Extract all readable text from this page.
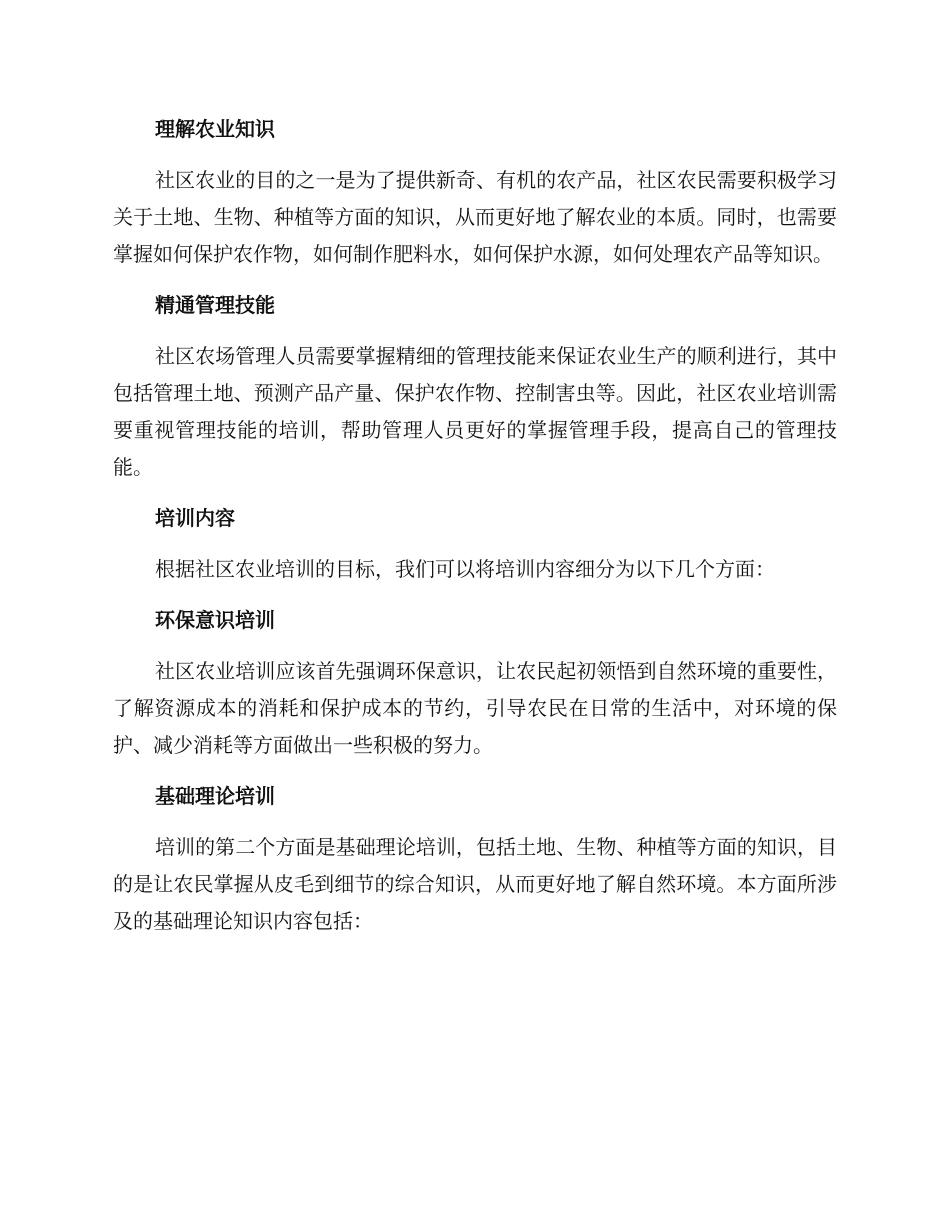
理解农业知识

社区农业的目的之一是为了提供新奇、有机的农产品，社区农民需要积极学习关于土地、生物、种植等方面的知识，从而更好地了解农业的本质。同时，也需要掌握如何保护农作物，如何制作肥料水，如何保护水源，如何处理农产品等知识。

精通管理技能

社区农场管理人员需要掌握精细的管理技能来保证农业生产的顺利进行，其中包括管理土地、预测产品产量、保护农作物、控制害虫等。因此，社区农业培训需要重视管理技能的培训，帮助管理人员更好的掌握管理手段，提高自己的管理技能。

培训内容

根据社区农业培训的目标，我们可以将培训内容细分为以下几个方面：

环保意识培训

社区农业培训应该首先强调环保意识，让农民起初领悟到自然环境的重要性，了解资源成本的消耗和保护成本的节约，引导农民在日常的生活中，对环境的保护、减少消耗等方面做出一些积极的努力。

基础理论培训

培训的第二个方面是基础理论培训，包括土地、生物、种植等方面的知识，目的是让农民掌握从皮毛到细节的综合知识，从而更好地了解自然环境。本方面所涉及的基础理论知识内容包括：
